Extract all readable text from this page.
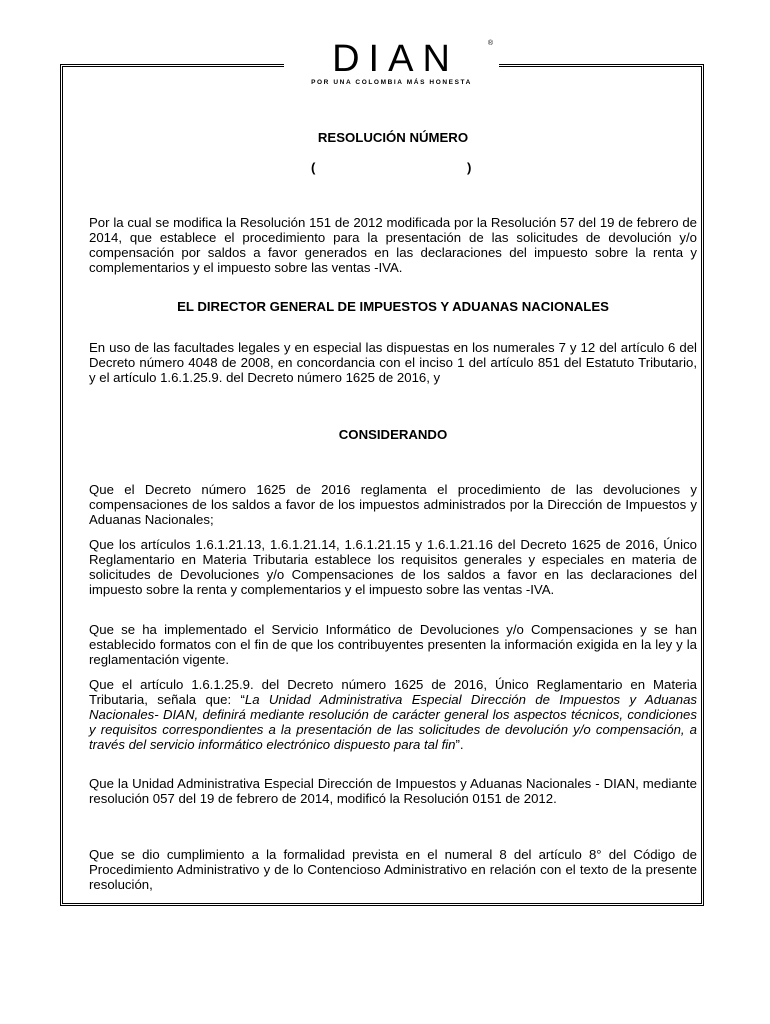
DIAN	®
POR UNA COLOMBIA MÁS HONESTA

RESOLUCIÓN NÚMERO

(	)

Por la cual se modifica la Resolución 151 de 2012 modificada por la Resolución 57 del 19 de febrero de 2014, que establece el procedimiento para la presentación de las solicitudes de devolución y/o compensación por saldos a favor generados en las declaraciones del impuesto sobre la renta y complementarios y el impuesto sobre las ventas -IVA.

EL DIRECTOR GENERAL DE IMPUESTOS Y ADUANAS NACIONALES

En uso de las facultades legales y en especial las dispuestas en los numerales 7 y 12 del artículo 6 del Decreto número 4048 de 2008, en concordancia con el inciso 1 del artículo 851 del Estatuto Tributario, y el artículo 1.6.1.25.9. del Decreto número 1625 de 2016, y

CONSIDERANDO

Que el Decreto número 1625 de 2016 reglamenta el procedimiento de las devoluciones y compensaciones de los saldos a favor de los impuestos administrados por la Dirección de Impuestos y Aduanas Nacionales;

Que los artículos 1.6.1.21.13, 1.6.1.21.14, 1.6.1.21.15 y 1.6.1.21.16 del Decreto 1625 de 2016, Único Reglamentario en Materia Tributaria establece los requisitos generales y especiales en materia de solicitudes de Devoluciones y/o Compensaciones de los saldos a favor en las declaraciones del impuesto sobre la renta y complementarios y el impuesto sobre las ventas -IVA.

Que se ha implementado el Servicio Informático de Devoluciones y/o Compensaciones y se han establecido formatos con el fin de que los contribuyentes presenten la información exigida en la ley y la reglamentación vigente.

Que el artículo 1.6.1.25.9. del Decreto número 1625 de 2016, Único Reglamentario en Materia Tributaria, señala que: “La Unidad Administrativa Especial Dirección de Impuestos y Aduanas Nacionales- DIAN, definirá mediante resolución de carácter general los aspectos técnicos, condiciones y requisitos correspondientes a la presentación de las solicitudes de devolución y/o compensación, a través del servicio informático electrónico dispuesto para tal fin”.

Que la Unidad Administrativa Especial Dirección de Impuestos y Aduanas Nacionales - DIAN, mediante resolución 057 del 19 de febrero de 2014, modificó la Resolución 0151 de 2012.

Que se dio cumplimiento a la formalidad prevista en el numeral 8 del artículo 8° del Código de Procedimiento Administrativo y de lo Contencioso Administrativo en relación con el texto de la presente resolución,
